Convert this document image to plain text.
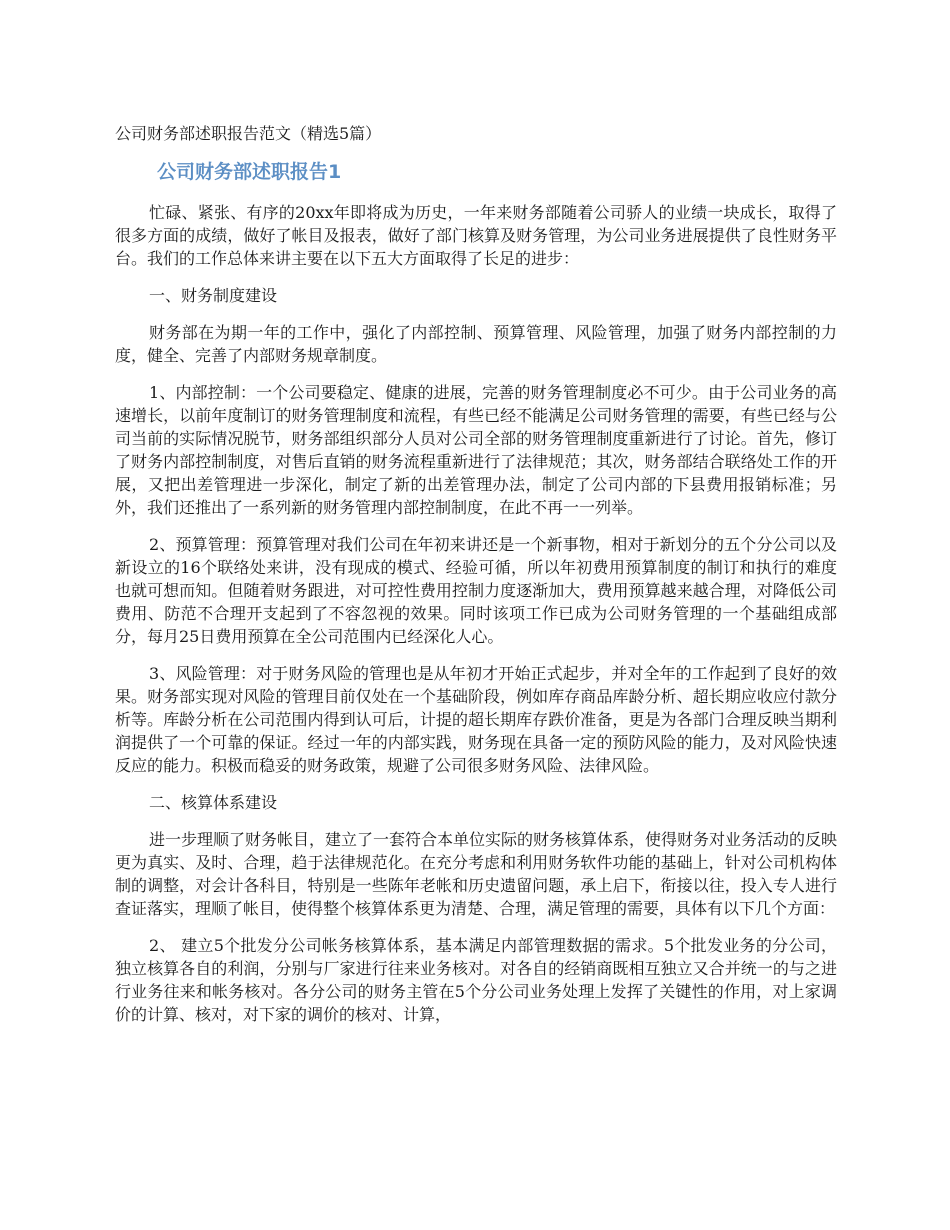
公司财务部述职报告范文（精选5篇）

公司财务部述职报告1

忙碌、紧张、有序的20xx年即将成为历史，一年来财务部随着公司骄人的业绩一块成长，取得了很多方面的成绩，做好了帐目及报表，做好了部门核算及财务管理，为公司业务进展提供了良性财务平台。我们的工作总体来讲主要在以下五大方面取得了长足的进步：

一、财务制度建设

财务部在为期一年的工作中，强化了内部控制、预算管理、风险管理，加强了财务内部控制的力度，健全、完善了内部财务规章制度。

1、内部控制：一个公司要稳定、健康的进展，完善的财务管理制度必不可少。由于公司业务的高速增长，以前年度制订的财务管理制度和流程，有些已经不能满足公司财务管理的需要，有些已经与公司当前的实际情况脱节，财务部组织部分人员对公司全部的财务管理制度重新进行了讨论。首先，修订了财务内部控制制度，对售后直销的财务流程重新进行了法律规范；其次，财务部结合联络处工作的开展，又把出差管理进一步深化，制定了新的出差管理办法，制定了公司内部的下县费用报销标准；另外，我们还推出了一系列新的财务管理内部控制制度，在此不再一一列举。

2、预算管理：预算管理对我们公司在年初来讲还是一个新事物，相对于新划分的五个分公司以及新设立的16个联络处来讲，没有现成的模式、经验可循，所以年初费用预算制度的制订和执行的难度也就可想而知。但随着财务跟进，对可控性费用控制力度逐渐加大，费用预算越来越合理，对降低公司费用、防范不合理开支起到了不容忽视的效果。同时该项工作已成为公司财务管理的一个基础组成部分，每月25日费用预算在全公司范围内已经深化人心。

3、风险管理：对于财务风险的管理也是从年初才开始正式起步，并对全年的工作起到了良好的效果。财务部实现对风险的管理目前仅处在一个基础阶段，例如库存商品库龄分析、超长期应收应付款分析等。库龄分析在公司范围内得到认可后，计提的超长期库存跌价准备，更是为各部门合理反映当期利润提供了一个可靠的保证。经过一年的内部实践，财务现在具备一定的预防风险的能力，及对风险快速反应的能力。积极而稳妥的财务政策，规避了公司很多财务风险、法律风险。

二、核算体系建设

进一步理顺了财务帐目，建立了一套符合本单位实际的财务核算体系，使得财务对业务活动的反映更为真实、及时、合理，趋于法律规范化。在充分考虑和利用财务软件功能的基础上，针对公司机构体制的调整，对会计各科目，特别是一些陈年老帐和历史遗留问题，承上启下，衔接以往，投入专人进行查证落实，理顺了帐目，使得整个核算体系更为清楚、合理，满足管理的需要，具体有以下几个方面：

2、 建立5个批发分公司帐务核算体系，基本满足内部管理数据的需求。5个批发业务的分公司，独立核算各自的利润，分别与厂家进行往来业务核对。对各自的经销商既相互独立又合并统一的与之进行业务往来和帐务核对。各分公司的财务主管在5个分公司业务处理上发挥了关键性的作用，对上家调价的计算、核对，对下家的调价的核对、计算，
